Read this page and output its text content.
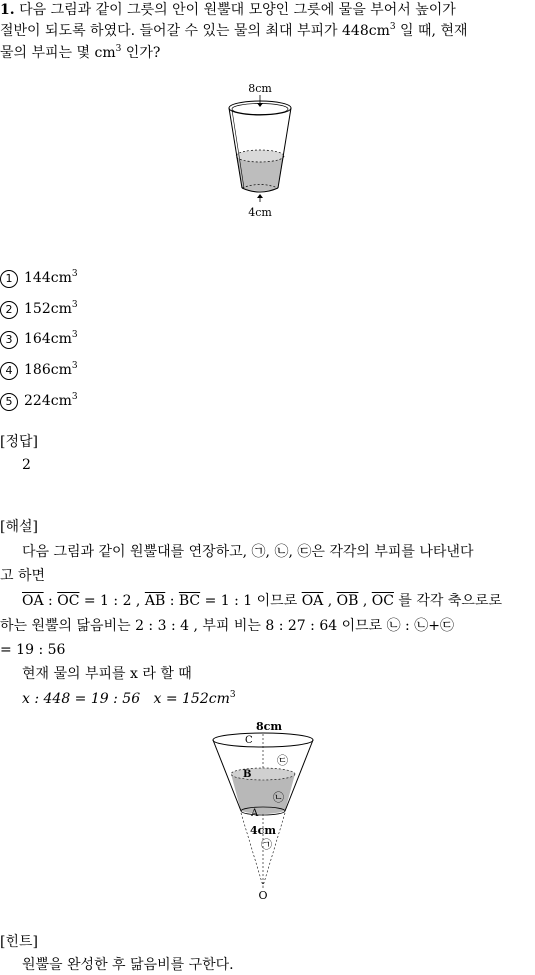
1. 다음 그림과 같이 그릇의 안이 원뿔대 모양인 그릇에 물을 부어서 높이가
절반이 되도록 하였다. 들어갈 수 있는 물의 최대 부피가 $448cm^3$ 일 때, 현재
물의 부피는 몇 $cm^3$ 인가?
8cm
4cm
1 $144cm^3$
2 $152cm^3$
3 $164cm^3$
4 $186cm^3$
5 $224cm^3$
[정답]
2
[해설]
다음 그림과 같이 원뿔대를 연장하고, ㉠, ㉡, ㉢은 각각의 부피를 나타낸다
고 하면
$\overline{OA}$ : $\overline{OC} = 1$ : 2 , $\overline{AB}$ : $\overline{BC} = 1$ : 1 이므로 $\overline{OA}$ , $\overline{OB}$ , $\overline{OC}$ 를 각각 축으로로
하는 원뿔의 닮음비는 2 : 3 : 4 , 부피 비는 8 : 27 : 64 이므로 ㉡ : ㉡+㉢
= 19 : 56
현재 물의 부피를 x 라 할 때
x : 448 = 19 : 56 $x = 152cm^3$
8cm
C
B
A
㉢
㉡
㉠
4cm
O
[힌트]
원뿔을 완성한 후 닮음비를 구한다.
